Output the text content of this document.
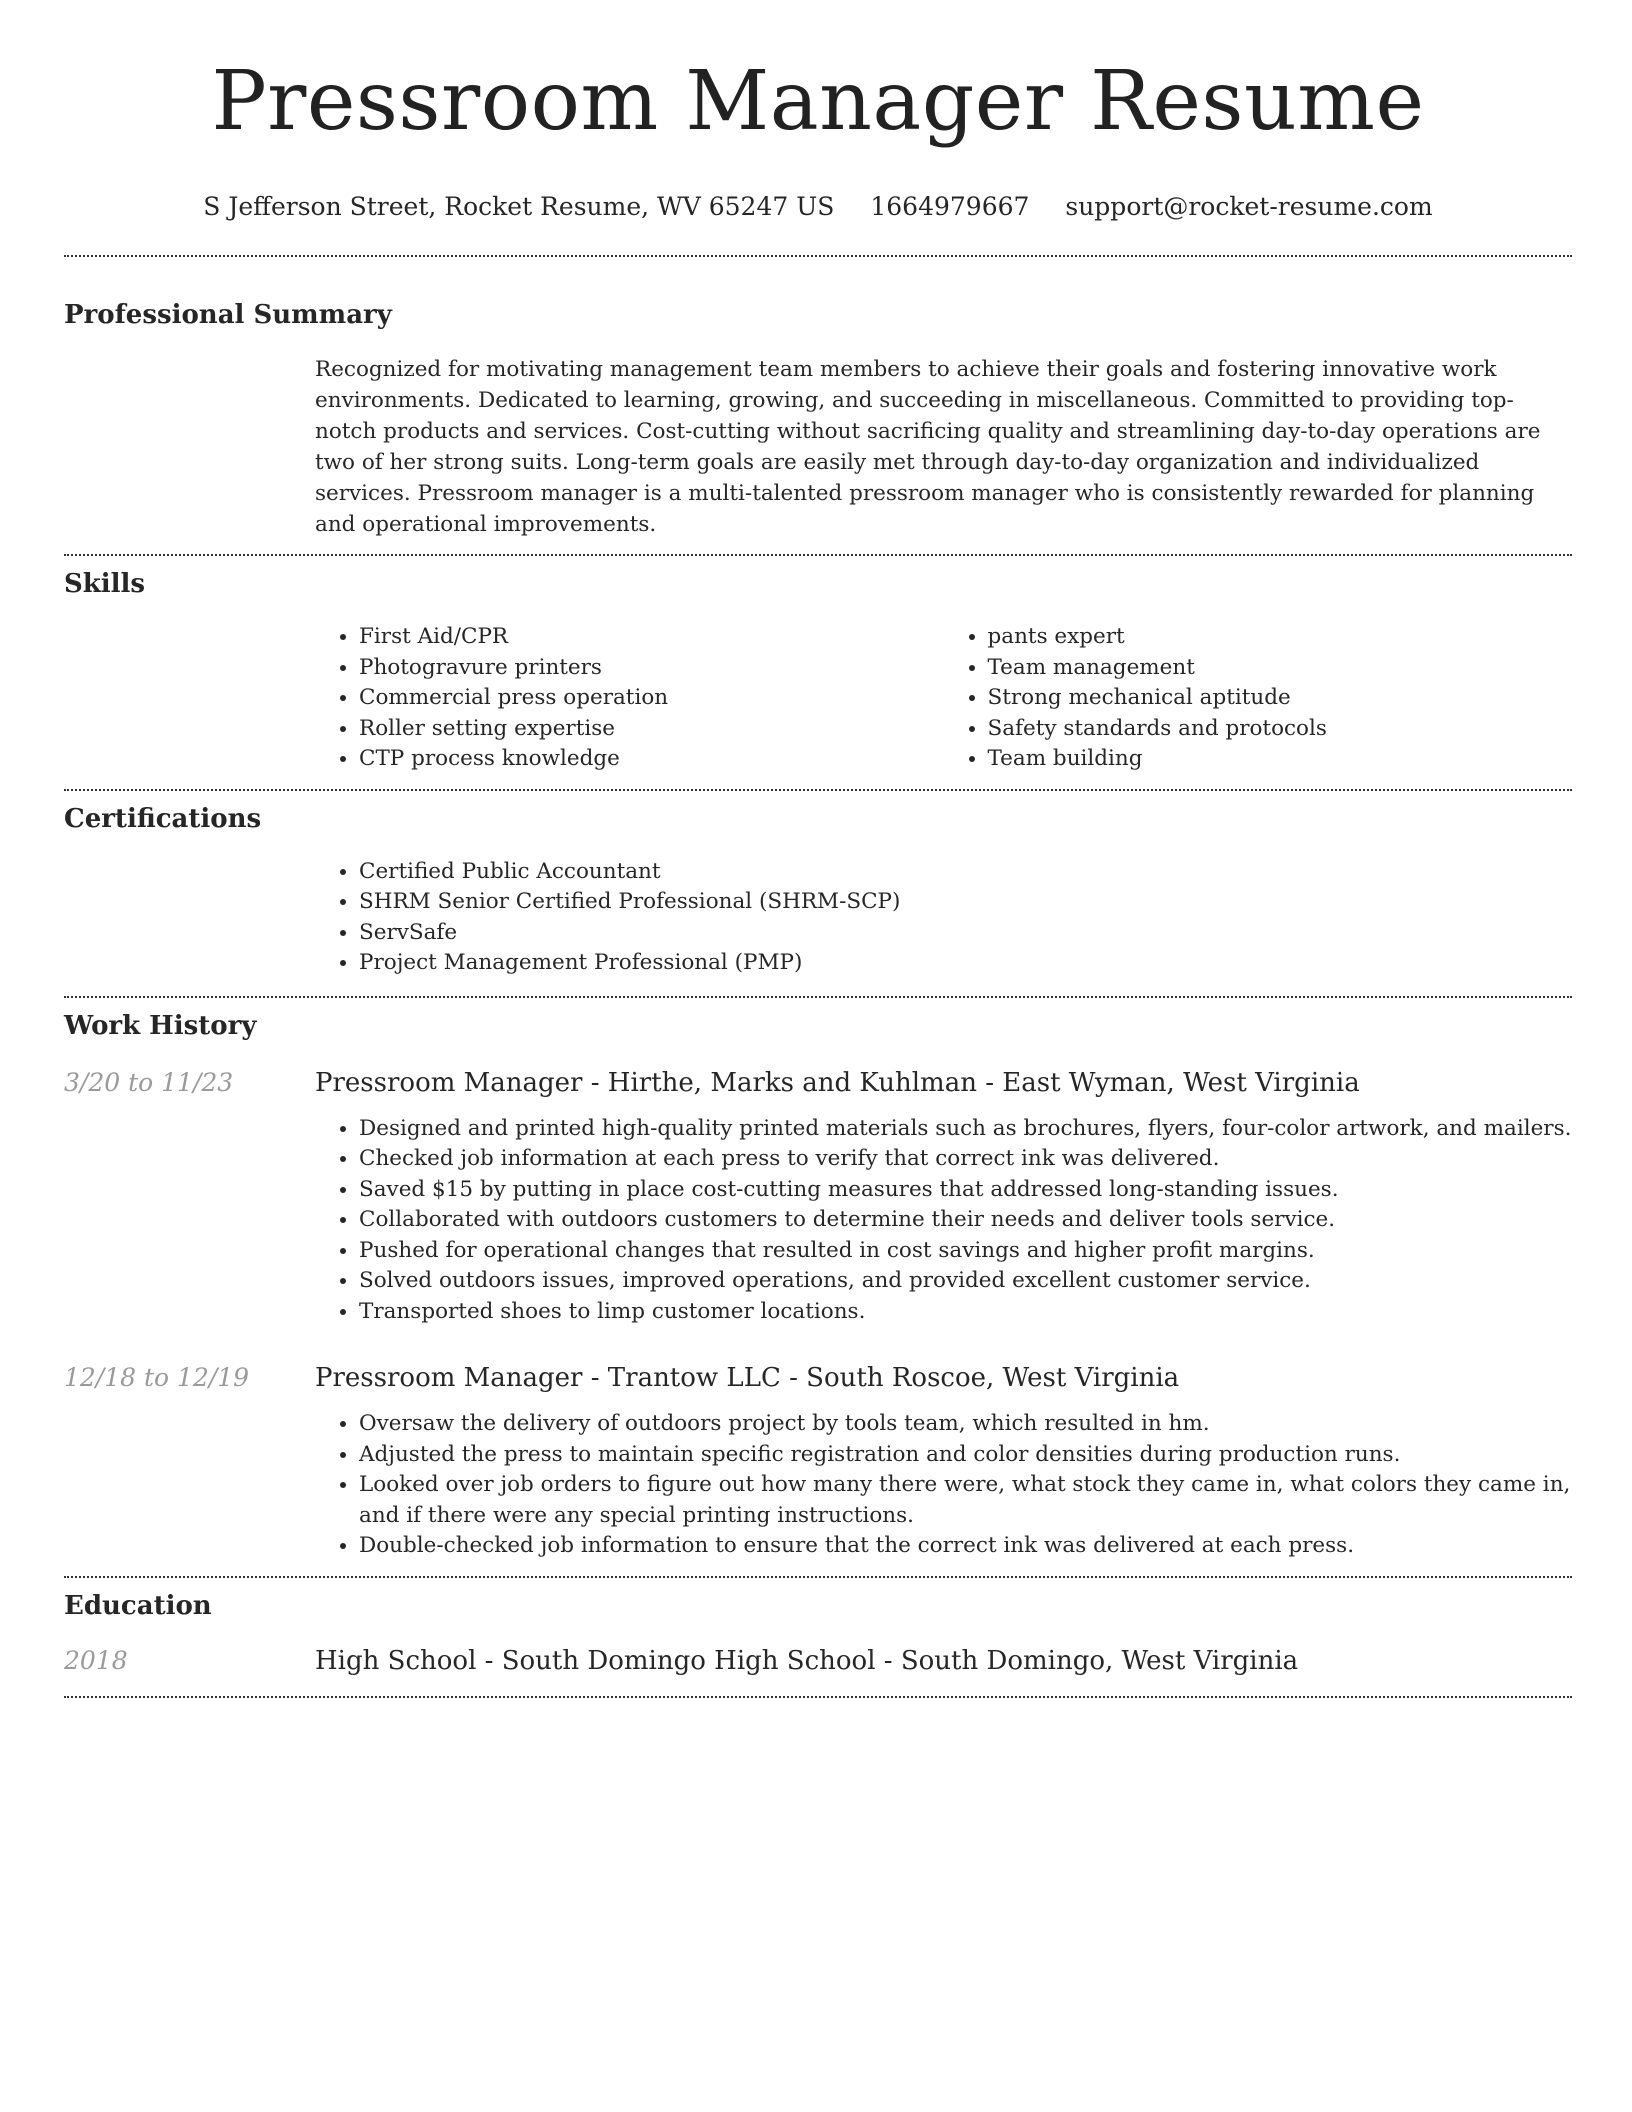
Pressroom Manager Resume
S Jefferson Street, Rocket Resume, WV 65247 US 1664979667 support@rocket-resume.com
Professional Summary

Recognized for motivating management team members to achieve their goals and fostering innovative work environments. Dedicated to learning, growing, and succeeding in miscellaneous. Committed to providing top-notch products and services. Cost-cutting without sacrificing quality and streamlining day-to-day operations are two of her strong suits. Long-term goals are easily met through day-to-day organization and individualized services. Pressroom manager is a multi-talented pressroom manager who is consistently rewarded for planning and operational improvements.

Skills
• First Aid/CPR
• Photogravure printers
• Commercial press operation
• Roller setting expertise
• CTP process knowledge
• pants expert
• Team management
• Strong mechanical aptitude
• Safety standards and protocols
• Team building
Certifications
• Certified Public Accountant
• SHRM Senior Certified Professional (SHRM-SCP)
• ServSafe
• Project Management Professional (PMP)
Work History
3/20 to 11/23	Pressroom Manager - Hirthe, Marks and Kuhlman - East Wyman, West Virginia
• Designed and printed high-quality printed materials such as brochures, flyers, four-color artwork, and mailers.
• Checked job information at each press to verify that correct ink was delivered.
• Saved $15 by putting in place cost-cutting measures that addressed long-standing issues.
• Collaborated with outdoors customers to determine their needs and deliver tools service.
• Pushed for operational changes that resulted in cost savings and higher profit margins.
• Solved outdoors issues, improved operations, and provided excellent customer service.
• Transported shoes to limp customer locations.
12/18 to 12/19	Pressroom Manager - Trantow LLC - South Roscoe, West Virginia
• Oversaw the delivery of outdoors project by tools team, which resulted in hm.
• Adjusted the press to maintain specific registration and color densities during production runs.
• Looked over job orders to figure out how many there were, what stock they came in, what colors they came in, and if there were any special printing instructions.
• Double-checked job information to ensure that the correct ink was delivered at each press.
Education
2018	High School - South Domingo High School - South Domingo, West Virginia
